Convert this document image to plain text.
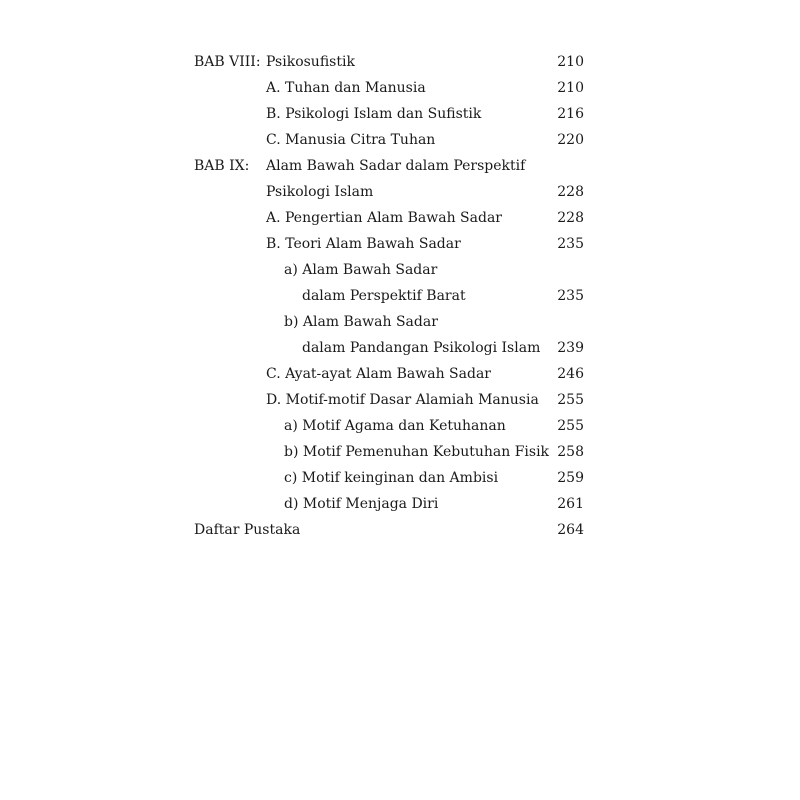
BAB VIII: Psikosufistik	210
A. Tuhan dan Manusia	210
B. Psikologi Islam dan Sufistik	216
C. Manusia Citra Tuhan	220
BAB IX: Alam Bawah Sadar dalam Perspektif
Psikologi Islam	228
A. Pengertian Alam Bawah Sadar	228
B. Teori Alam Bawah Sadar	235
a) Alam Bawah Sadar
dalam Perspektif Barat	235
b) Alam Bawah Sadar
dalam Pandangan Psikologi Islam 239
C. Ayat-ayat Alam Bawah Sadar	246
D. Motif-motif Dasar Alamiah Manusia 255
a) Motif Agama dan Ketuhanan	255
b) Motif Pemenuhan Kebutuhan Fisik 258
c) Motif keinginan dan Ambisi	259
d) Motif Menjaga Diri	261
Daftar Pustaka	264
